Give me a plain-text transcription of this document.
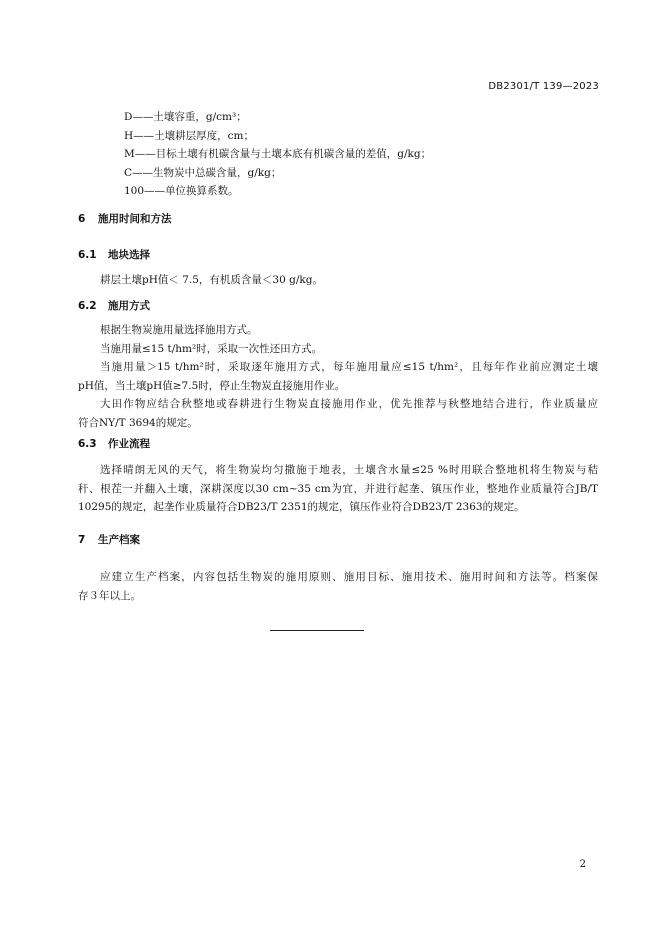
DB2301/T 139—2023
D——土壤容重，g/cm³；
H——土壤耕层厚度，cm；
M——目标土壤有机碳含量与土壤本底有机碳含量的差值，g/kg；
C——生物炭中总碳含量，g/kg；
100——单位换算系数。
6 施用时间和方法
6.1 地块选择
耕层土壤pH值＜ 7.5，有机质含量＜30 g/kg。
6.2 施用方式
根据生物炭施用量选择施用方式。
当施用量≤15 t/hm²时，采取一次性还田方式。
当施用量＞15 t/hm²时，采取逐年施用方式，每年施用量应≤15 t/hm²，且每年作业前应测定土壤
pH值，当土壤pH值≥7.5时，停止生物炭直接施用作业。
大田作物应结合秋整地或春耕进行生物炭直接施用作业，优先推荐与秋整地结合进行，作业质量应
符合NY/T 3694的规定。
6.3 作业流程
选择晴朗无风的天气，将生物炭均匀撒施于地表，土壤含水量≤25 %时用联合整地机将生物炭与秸
秆、根茬一并翻入土壤，深耕深度以30 cm~35 cm为宜，并进行起垄、镇压作业，整地作业质量符合JB/T
10295的规定，起垄作业质量符合DB23/T 2351的规定，镇压作业符合DB23/T 2363的规定。
7 生产档案
应建立生产档案，内容包括生物炭的施用原则、施用目标、施用技术、施用时间和方法等。档案保
存３年以上。
2
